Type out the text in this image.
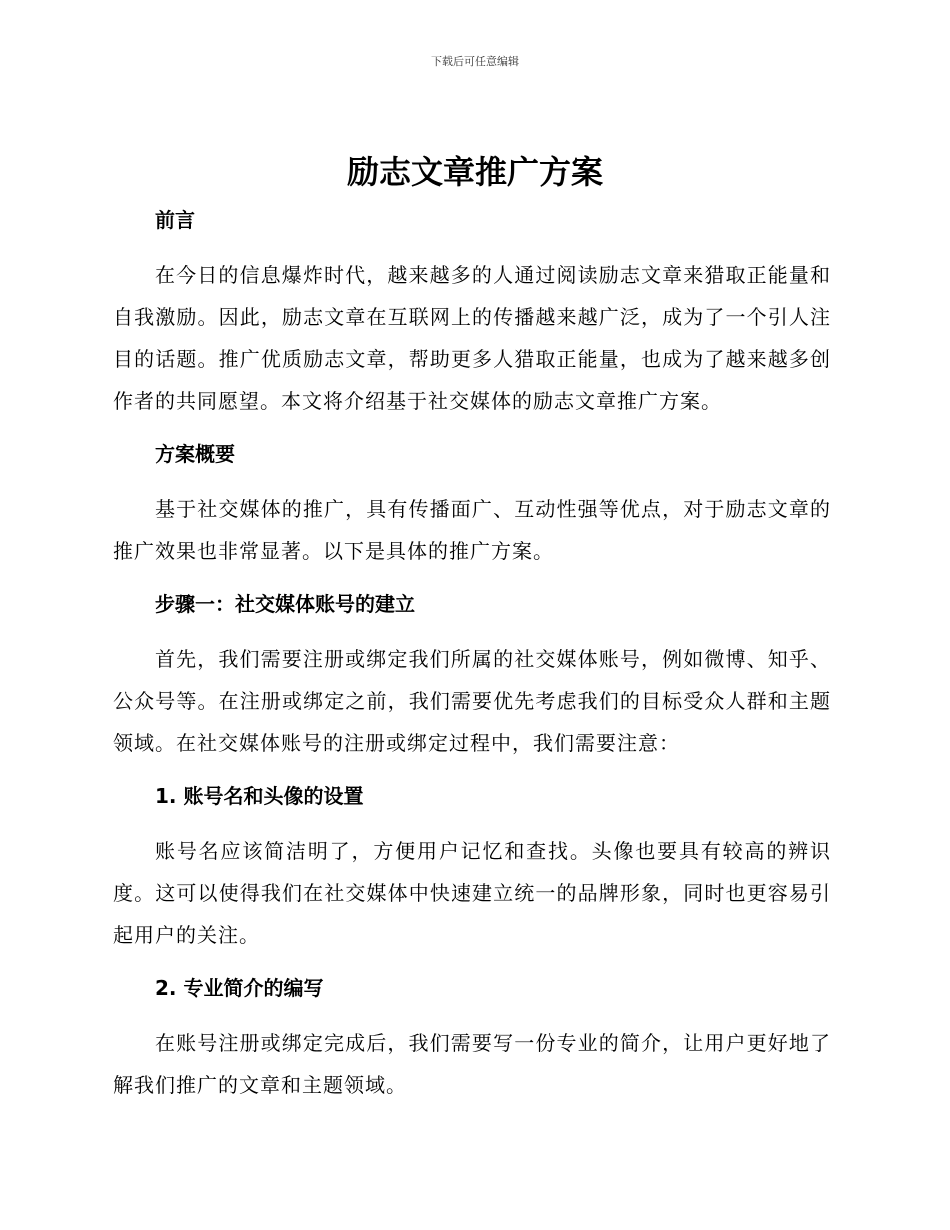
下载后可任意编辑
励志文章推广方案
前言

在今日的信息爆炸时代，越来越多的人通过阅读励志文章来猎取正能量和自我激励。因此，励志文章在互联网上的传播越来越广泛，成为了一个引人注目的话题。推广优质励志文章，帮助更多人猎取正能量，也成为了越来越多创作者的共同愿望。本文将介绍基于社交媒体的励志文章推广方案。

方案概要

基于社交媒体的推广，具有传播面广、互动性强等优点，对于励志文章的推广效果也非常显著。以下是具体的推广方案。

步骤一：社交媒体账号的建立

首先，我们需要注册或绑定我们所属的社交媒体账号，例如微博、知乎、公众号等。在注册或绑定之前，我们需要优先考虑我们的目标受众人群和主题领域。在社交媒体账号的注册或绑定过程中，我们需要注意：

1. 账号名和头像的设置

账号名应该简洁明了，方便用户记忆和查找。头像也要具有较高的辨识度。这可以使得我们在社交媒体中快速建立统一的品牌形象，同时也更容易引起用户的关注。

2. 专业简介的编写

在账号注册或绑定完成后，我们需要写一份专业的简介，让用户更好地了解我们推广的文章和主题领域。
